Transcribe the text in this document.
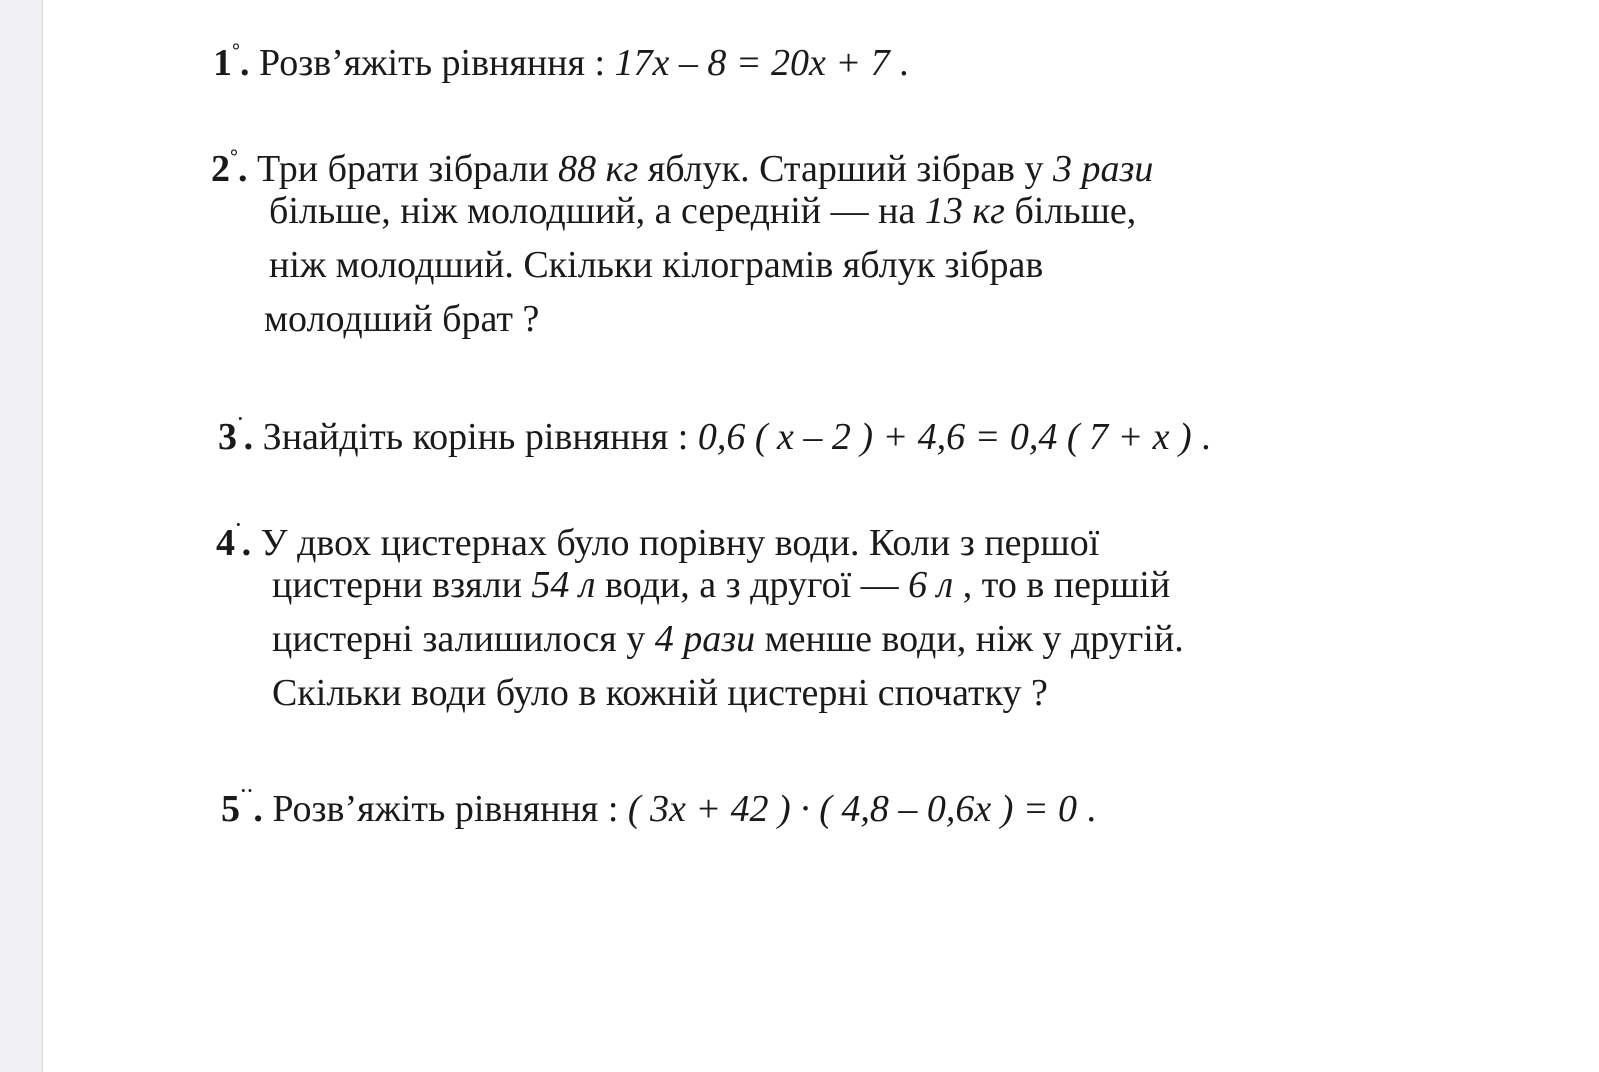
1°. Розв’яжіть рівняння : 17x – 8 = 20x + 7 .
2°. Три брати зібрали 88 кг яблук. Старший зібрав у 3 рази
більше, ніж молодший, а середній — на 13 кг більше,
ніж молодший. Скільки кілограмів яблук зібрав
молодший брат ?
3˙. Знайдіть корінь рівняння : 0,6 ( x – 2 ) + 4,6 = 0,4 ( 7 + x ) .
4˙. У двох цистернах було порівну води. Коли з першої
цистерни взяли 54 л води, а з другої — 6 л , то в першій
цистерні залишилося у 4 рази менше води, ніж у другій.
Скільки води було в кожній цистерні спочатку ?
5˙˙. Розв’яжіть рівняння : ( 3x + 42 ) · ( 4,8 – 0,6x ) = 0 .
